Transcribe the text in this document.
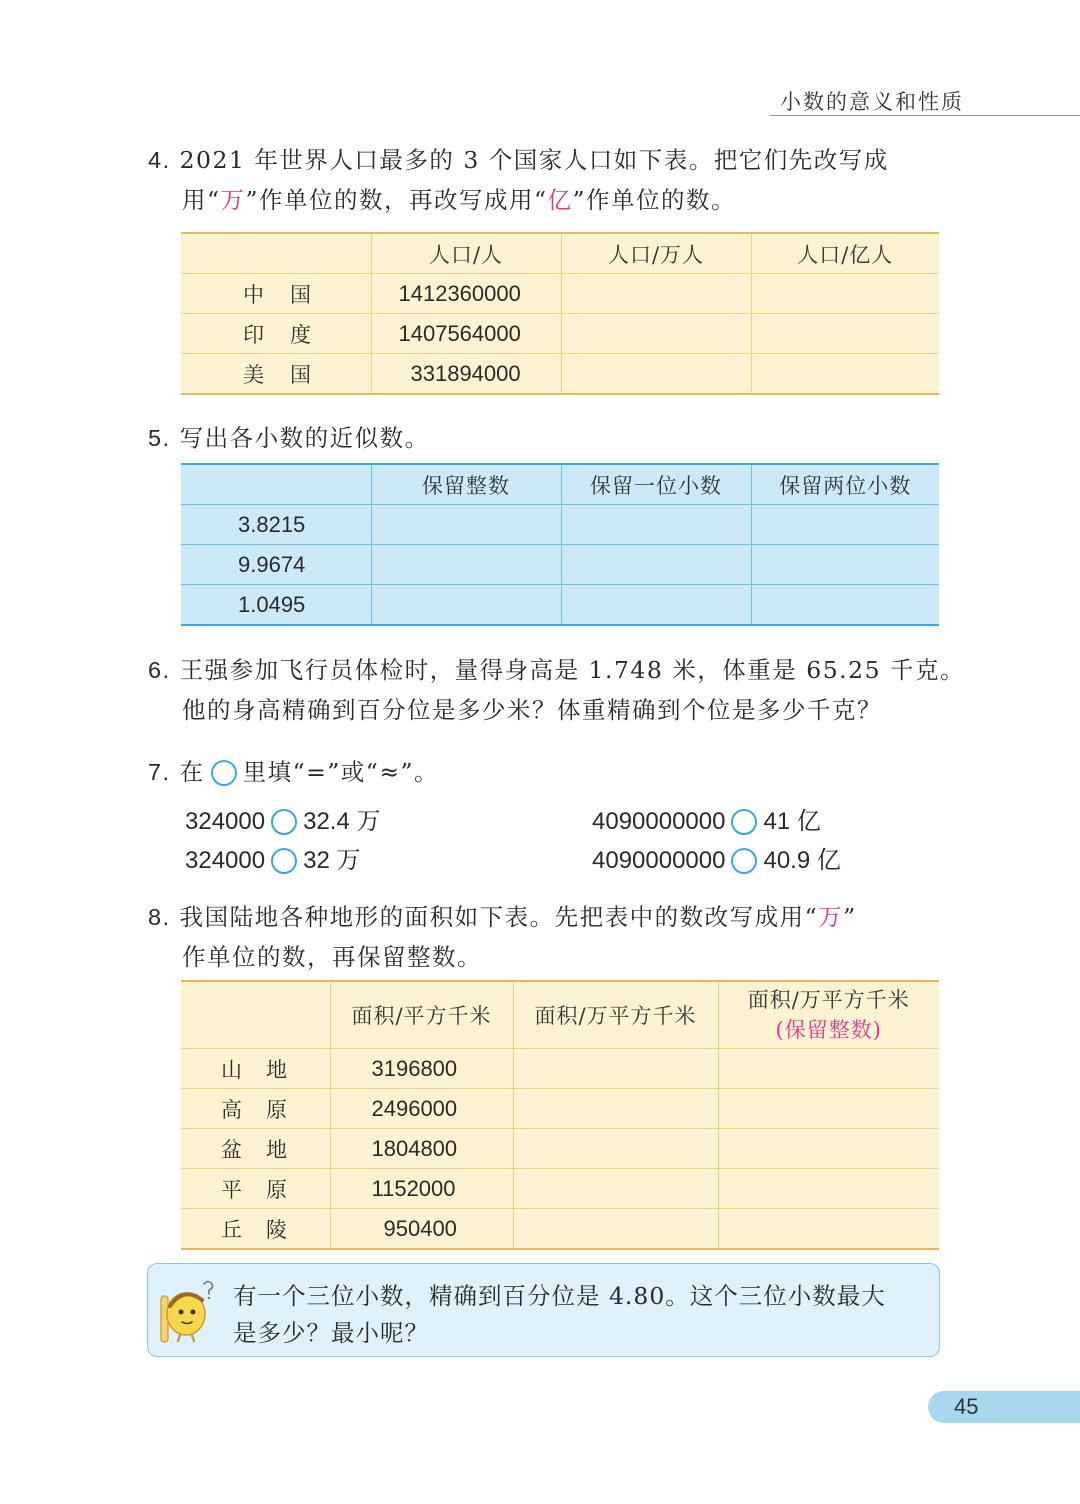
小数的意义和性质
4. 2021 年世界人口最多的 3 个国家人口如下表。把它们先改写成
用“万”作单位的数，再改写成用“亿”作单位的数。
	人口/人	人口/万人	人口/亿人
中国	1412360000		
印度	1407564000		
美国	331894000		
5. 写出各小数的近似数。
	保留整数	保留一位小数	保留两位小数
3.8215			
9.9674			
1.0495			
6. 王强参加飞行员体检时，量得身高是 1.748 米，体重是 65.25 千克。
他的身高精确到百分位是多少米？体重精确到个位是多少千克？
7. 在 里填“=”或“≈”。
324000 32.4 万	4090000000 41 亿
324000 32 万	4090000000 40.9 亿
8. 我国陆地各种地形的面积如下表。先把表中的数改写成用“万”
作单位的数，再保留整数。
	面积/平方千米	面积/万平方千米	面积/万平方千米
(保留整数)

山地	3196800		
高原	2496000		
盆地	1804800		
平原	1152000		
丘陵	950400		
有一个三位小数，精确到百分位是 4.80。这个三位小数最大
是多少？最小呢？
45
